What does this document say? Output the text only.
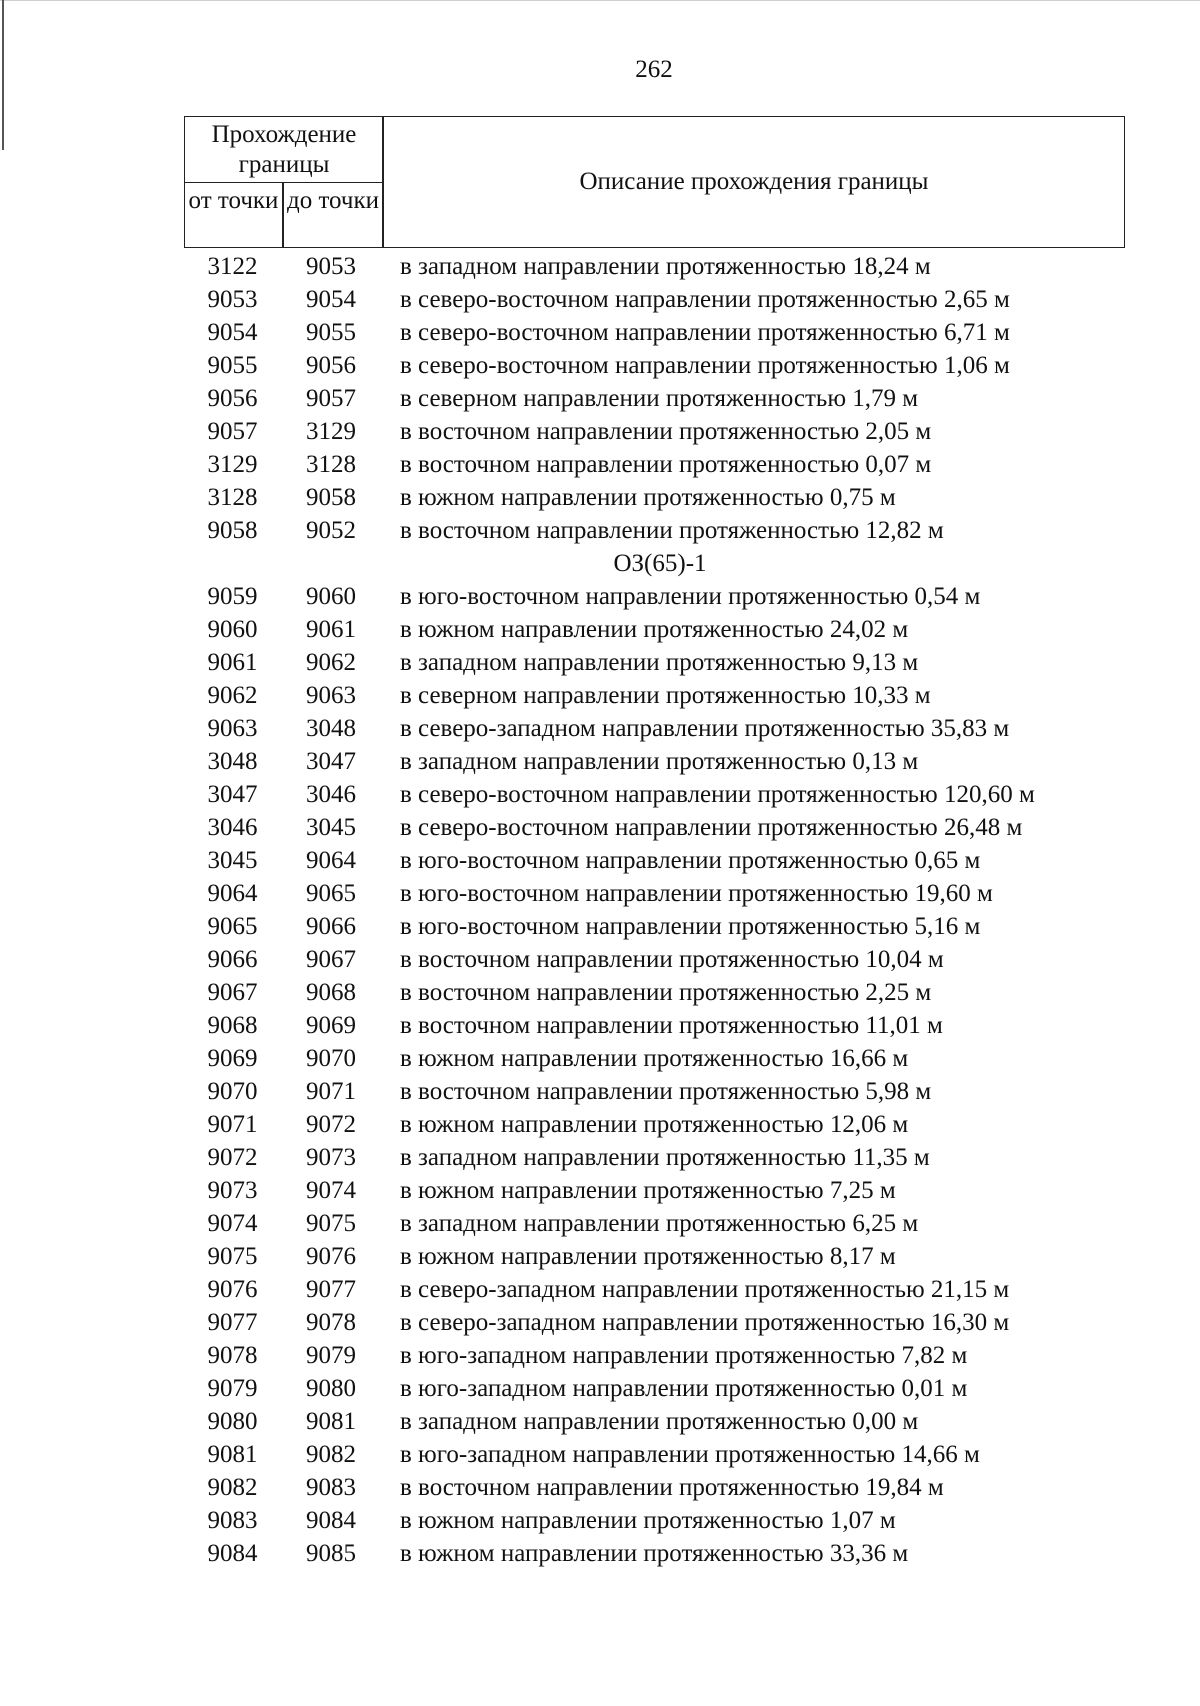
262
Прохождение границы
от точки до точки
Описание прохождения границы
3122	9053	в западном направлении протяженностью 18,24 м
9053	9054	в северо-восточном направлении протяженностью 2,65 м
9054	9055	в северо-восточном направлении протяженностью 6,71 м
9055	9056	в северо-восточном направлении протяженностью 1,06 м
9056	9057	в северном направлении протяженностью 1,79 м
9057	3129	в восточном направлении протяженностью 2,05 м
3129	3128	в восточном направлении протяженностью 0,07 м
3128	9058	в южном направлении протяженностью 0,75 м
9058	9052	в восточном направлении протяженностью 12,82 м
ОЗ(65)-1
9059	9060	в юго-восточном направлении протяженностью 0,54 м
9060	9061	в южном направлении протяженностью 24,02 м
9061	9062	в западном направлении протяженностью 9,13 м
9062	9063	в северном направлении протяженностью 10,33 м
9063	3048	в северо-западном направлении протяженностью 35,83 м
3048	3047	в западном направлении протяженностью 0,13 м
3047	3046	в северо-восточном направлении протяженностью 120,60 м
3046	3045	в северо-восточном направлении протяженностью 26,48 м
3045	9064	в юго-восточном направлении протяженностью 0,65 м
9064	9065	в юго-восточном направлении протяженностью 19,60 м
9065	9066	в юго-восточном направлении протяженностью 5,16 м
9066	9067	в восточном направлении протяженностью 10,04 м
9067	9068	в восточном направлении протяженностью 2,25 м
9068	9069	в восточном направлении протяженностью 11,01 м
9069	9070	в южном направлении протяженностью 16,66 м
9070	9071	в восточном направлении протяженностью 5,98 м
9071	9072	в южном направлении протяженностью 12,06 м
9072	9073	в западном направлении протяженностью 11,35 м
9073	9074	в южном направлении протяженностью 7,25 м
9074	9075	в западном направлении протяженностью 6,25 м
9075	9076	в южном направлении протяженностью 8,17 м
9076	9077	в северо-западном направлении протяженностью 21,15 м
9077	9078	в северо-западном направлении протяженностью 16,30 м
9078	9079	в юго-западном направлении протяженностью 7,82 м
9079	9080	в юго-западном направлении протяженностью 0,01 м
9080	9081	в западном направлении протяженностью 0,00 м
9081	9082	в юго-западном направлении протяженностью 14,66 м
9082	9083	в восточном направлении протяженностью 19,84 м
9083	9084	в южном направлении протяженностью 1,07 м
9084	9085	в южном направлении протяженностью 33,36 м
